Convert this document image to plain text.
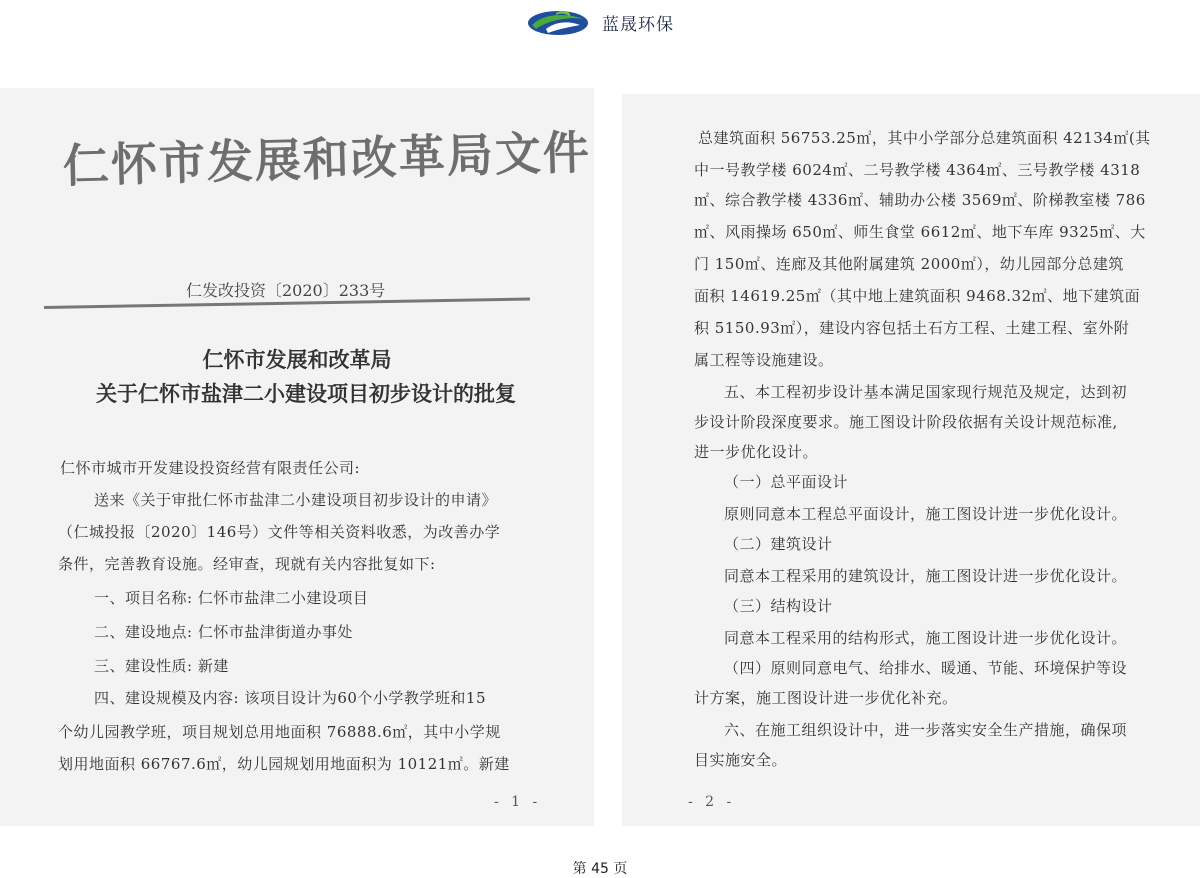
蓝晟环保
仁怀市发展和改革局文件
仁发改投资〔2020〕233号
仁怀市发展和改革局
关于仁怀市盐津二小建设项目初步设计的批复

仁怀市城市开发建设投资经营有限责任公司:

送来《关于审批仁怀市盐津二小建设项目初步设计的申请》

（仁城投报〔2020〕146号）文件等相关资料收悉，为改善办学

条件，完善教育设施。经审查，现就有关内容批复如下:

一、项目名称: 仁怀市盐津二小建设项目

二、建设地点: 仁怀市盐津街道办事处

三、建设性质: 新建

四、建设规模及内容: 该项目设计为60个小学教学班和15

个幼儿园教学班，项目规划总用地面积 76888.6㎡，其中小学规

划用地面积 66767.6㎡，幼儿园规划用地面积为 10121㎡。新建

- 1 -

总建筑面积 56753.25㎡，其中小学部分总建筑面积 42134㎡(其

中一号教学楼 6024㎡、二号教学楼 4364㎡、三号教学楼 4318

㎡、综合教学楼 4336㎡、辅助办公楼 3569㎡、阶梯教室楼 786

㎡、风雨操场 650㎡、师生食堂 6612㎡、地下车库 9325㎡、大

门 150㎡、连廊及其他附属建筑 2000㎡），幼儿园部分总建筑

面积 14619.25㎡（其中地上建筑面积 9468.32㎡、地下建筑面

积 5150.93㎡），建设内容包括土石方工程、土建工程、室外附

属工程等设施建设。

五、本工程初步设计基本满足国家现行规范及规定，达到初

步设计阶段深度要求。施工图设计阶段依据有关设计规范标准,

进一步优化设计。

（一）总平面设计

原则同意本工程总平面设计，施工图设计进一步优化设计。

（二）建筑设计

同意本工程采用的建筑设计，施工图设计进一步优化设计。

（三）结构设计

同意本工程采用的结构形式，施工图设计进一步优化设计。

（四）原则同意电气、给排水、暖通、节能、环境保护等设

计方案，施工图设计进一步优化补充。

六、在施工组织设计中，进一步落实安全生产措施，确保项

目实施安全。

- 2 -
第 45 页
